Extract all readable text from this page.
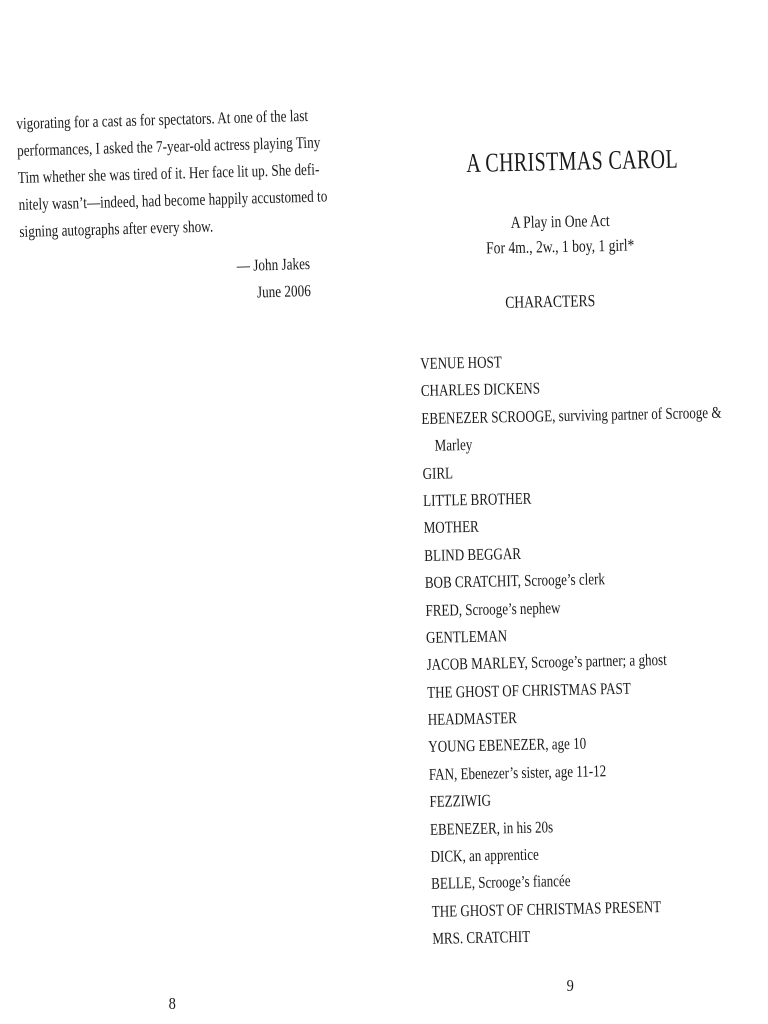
vigorating for a cast as for spectators. At one of the last
performances, I asked the 7-year-old actress playing Tiny
Tim whether she was tired of it. Her face lit up. She defi-
nitely wasn’t—indeed, had become happily accustomed to
signing autographs after every show.
— John Jakes
June 2006
8
A CHRISTMAS CAROL
A Play in One Act
For 4m., 2w., 1 boy, 1 girl*
CHARACTERS
VENUE HOST
CHARLES DICKENS
EBENEZER SCROOGE, surviving partner of Scrooge &
Marley
GIRL
LITTLE BROTHER
MOTHER
BLIND BEGGAR
BOB CRATCHIT, Scrooge’s clerk
FRED, Scrooge’s nephew
GENTLEMAN
JACOB MARLEY, Scrooge’s partner; a ghost
THE GHOST OF CHRISTMAS PAST
HEADMASTER
YOUNG EBENEZER, age 10
FAN, Ebenezer’s sister, age 11-12
FEZZIWIG
EBENEZER, in his 20s
DICK, an apprentice
BELLE, Scrooge’s fiancée
THE GHOST OF CHRISTMAS PRESENT
MRS. CRATCHIT
9
